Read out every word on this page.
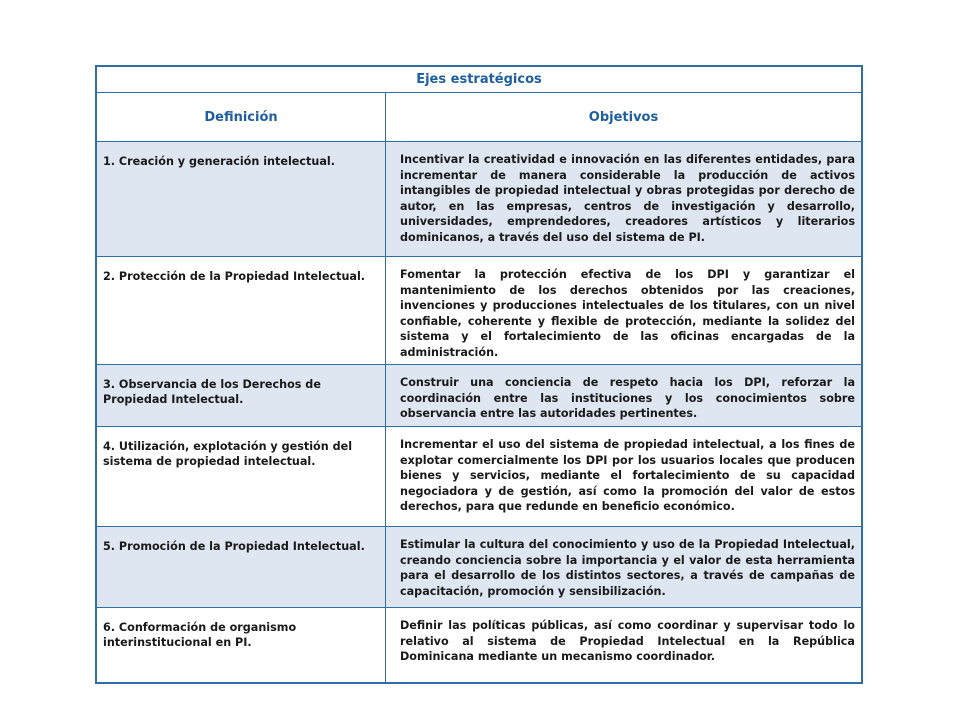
Ejes estratégicos	
Definición	Objetivos
1. Creación y generación intelectual.	Incentivar la creatividad e innovación en las diferentes entidades, para incrementar de manera considerable la producción de activos intangibles de propiedad intelectual y obras protegidas por derecho de autor, en las empresas, centros de investigación y desarrollo, universidades, emprendedores, creadores artísticos y literarios dominicanos, a través del uso del sistema de PI.
2. Protección de la Propiedad Intelectual.	Fomentar la protección efectiva de los DPI y garantizar el mantenimiento de los derechos obtenidos por las creaciones, invenciones y producciones intelectuales de los titulares, con un nivel confiable, coherente y flexible de protección, mediante la solidez del sistema y el fortalecimiento de las oficinas encargadas de la administración.
3. Observancia de los Derechos de Propiedad Intelectual.	Construir una conciencia de respeto hacia los DPI, reforzar la coordinación entre las instituciones y los conocimientos sobre observancia entre las autoridades pertinentes.
4. Utilización, explotación y gestión del sistema de propiedad intelectual.	Incrementar el uso del sistema de propiedad intelectual, a los fines de explotar comercialmente los DPI por los usuarios locales que producen bienes y servicios, mediante el fortalecimiento de su capacidad negociadora y de gestión, así como la promoción del valor de estos derechos, para que redunde en beneficio económico.
5. Promoción de la Propiedad Intelectual.	Estimular la cultura del conocimiento y uso de la Propiedad Intelectual, creando conciencia sobre la importancia y el valor de esta herramienta para el desarrollo de los distintos sectores, a través de campañas de capacitación, promoción y sensibilización.
6. Conformación de organismo interinstitucional en PI.	Definir las políticas públicas, así como coordinar y supervisar todo lo relativo al sistema de Propiedad Intelectual en la República Dominicana mediante un mecanismo coordinador.
